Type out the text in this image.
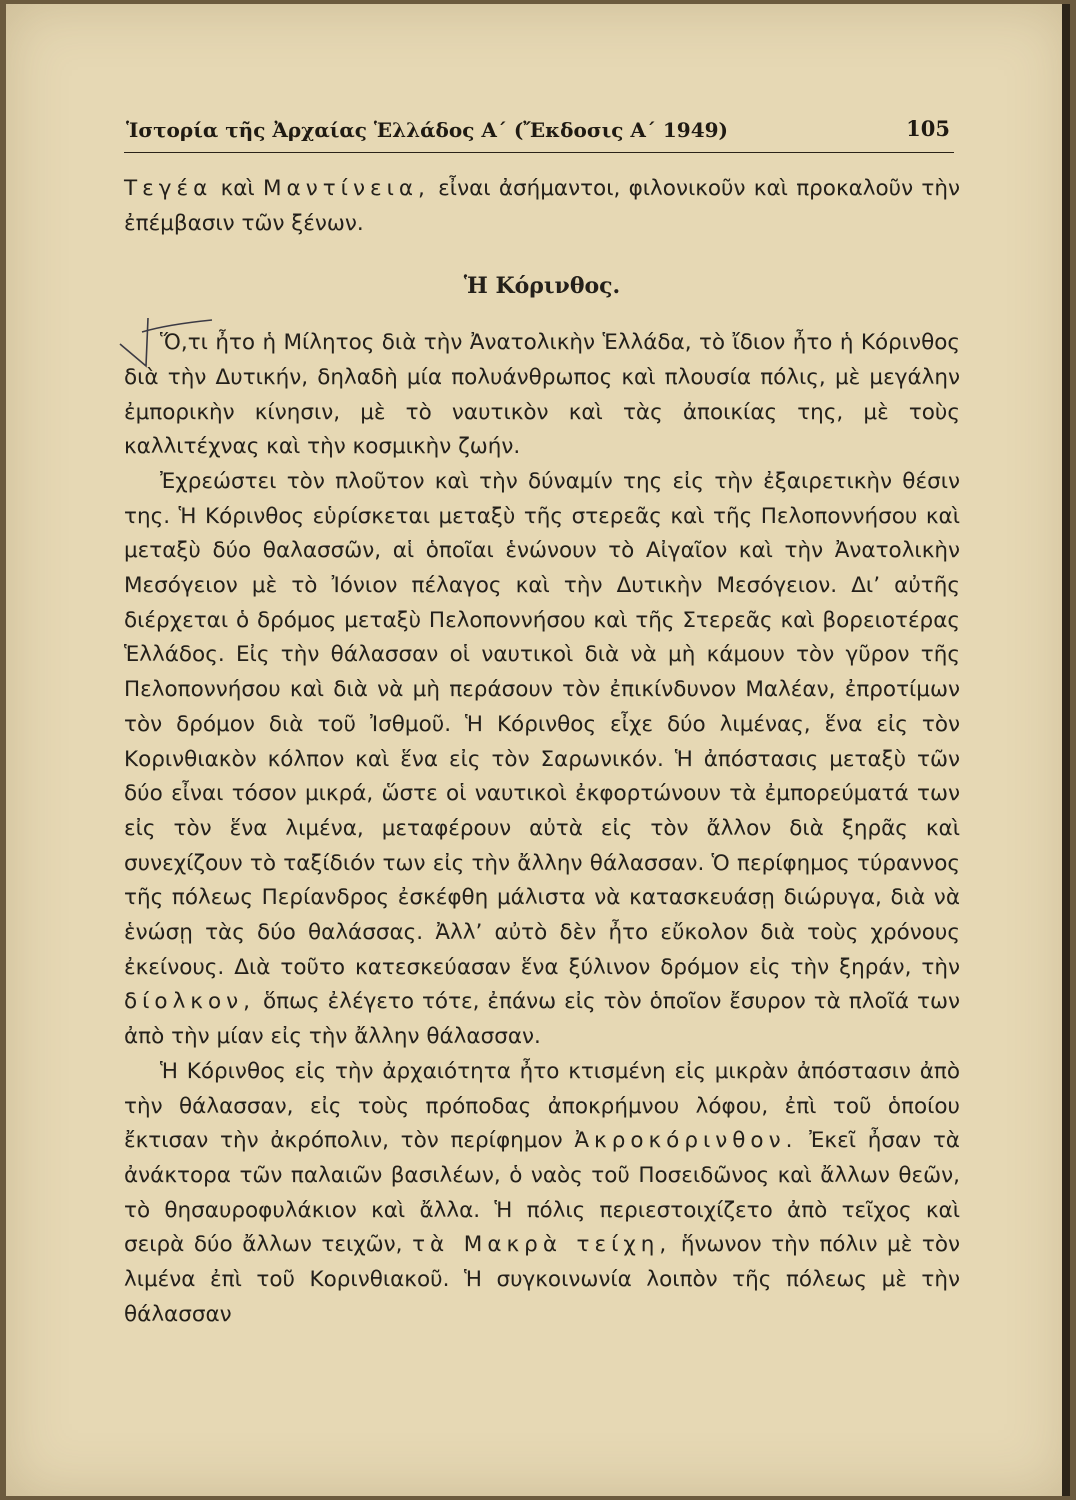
Ἱστορία τῆς Ἀρχαίας Ἑλλάδος Α΄ (Ἔκδοσις Α΄ 1949)	105

Τεγέα καὶ Μαντίνεια, εἶναι ἀσήμαντοι, φιλονικοῦν καὶ προκαλοῦν τὴν ἐπέμβασιν τῶν ξένων.

Ἡ Κόρινθος.

Ὅ,τι ἦτο ἡ Μίλητος διὰ τὴν Ἀνατολικὴν Ἑλλάδα, τὸ ἴδιον ἦτο ἡ Κόρινθος διὰ τὴν Δυτικήν, δηλαδὴ μία πολυάνθρωπος καὶ πλουσία πόλις, μὲ μεγάλην ἐμπορικὴν κίνησιν, μὲ τὸ ναυτικὸν καὶ τὰς ἀποικίας της, μὲ τοὺς καλλιτέχνας καὶ τὴν κοσμικὴν ζωήν.

Ἐχρεώστει τὸν πλοῦτον καὶ τὴν δύναμίν της εἰς τὴν ἐξαιρετικὴν θέσιν της. Ἡ Κόρινθος εὑρίσκεται μεταξὺ τῆς στερεᾶς καὶ τῆς Πελοποννήσου καὶ μεταξὺ δύο θαλασσῶν, αἱ ὁποῖαι ἑνώνουν τὸ Αἰγαῖον καὶ τὴν Ἀνατολικὴν Μεσόγειον μὲ τὸ Ἰόνιον πέλαγος καὶ τὴν Δυτικὴν Μεσόγειον. Δι’ αὐτῆς διέρχεται ὁ δρόμος μεταξὺ Πελοποννήσου καὶ τῆς Στερεᾶς καὶ βορειοτέρας Ἑλλάδος. Εἰς τὴν θάλασσαν οἱ ναυτικοὶ διὰ νὰ μὴ κάμουν τὸν γῦρον τῆς Πελοποννήσου καὶ διὰ νὰ μὴ περάσουν τὸν ἐπικίνδυνον Μαλέαν, ἐπροτίμων τὸν δρόμον διὰ τοῦ Ἰσθμοῦ. Ἡ Κόρινθος εἶχε δύο λιμένας, ἕνα εἰς τὸν Κορινθιακὸν κόλπον καὶ ἕνα εἰς τὸν Σαρωνικόν. Ἡ ἀπόστασις μεταξὺ τῶν δύο εἶναι τόσον μικρά, ὥστε οἱ ναυτικοὶ ἐκφορτώνουν τὰ ἐμπορεύματά των εἰς τὸν ἕνα λιμένα, μεταφέρουν αὐτὰ εἰς τὸν ἄλλον διὰ ξηρᾶς καὶ συνεχίζουν τὸ ταξίδιόν των εἰς τὴν ἄλλην θάλασσαν. Ὁ περίφημος τύραννος τῆς πόλεως Περίανδρος ἐσκέφθη μάλιστα νὰ κατασκευάσῃ διώρυγα, διὰ νὰ ἑνώσῃ τὰς δύο θαλάσσας. Ἀλλ’ αὐτὸ δὲν ἦτο εὔκολον διὰ τοὺς χρόνους ἐκείνους. Διὰ τοῦτο κατεσκεύασαν ἕνα ξύλινον δρόμον εἰς τὴν ξηράν, τὴν δίολκον, ὅπως ἐλέγετο τότε, ἐπάνω εἰς τὸν ὁποῖον ἔσυρον τὰ πλοῖά των ἀπὸ τὴν μίαν εἰς τὴν ἄλλην θάλασσαν.

Ἡ Κόρινθος εἰς τὴν ἀρχαιότητα ἦτο κτισμένη εἰς μικρὰν ἀπόστασιν ἀπὸ τὴν θάλασσαν, εἰς τοὺς πρόποδας ἀποκρήμνου λόφου, ἐπὶ τοῦ ὁποίου ἔκτισαν τὴν ἀκρόπολιν, τὸν περίφημον Ἀκροκόρινθον. Ἐκεῖ ἦσαν τὰ ἀνάκτορα τῶν παλαιῶν βασιλέων, ὁ ναὸς τοῦ Ποσειδῶνος καὶ ἄλλων θεῶν, τὸ θησαυροφυλάκιον καὶ ἄλλα. Ἡ πόλις περιεστοιχίζετο ἀπὸ τεῖχος καὶ σειρὰ δύο ἄλλων τειχῶν, τὰ Μακρὰ τείχη, ἥνωνον τὴν πόλιν μὲ τὸν λιμένα ἐπὶ τοῦ Κορινθιακοῦ. Ἡ συγκοινωνία λοιπὸν τῆς πόλεως μὲ τὴν θάλασσαν
